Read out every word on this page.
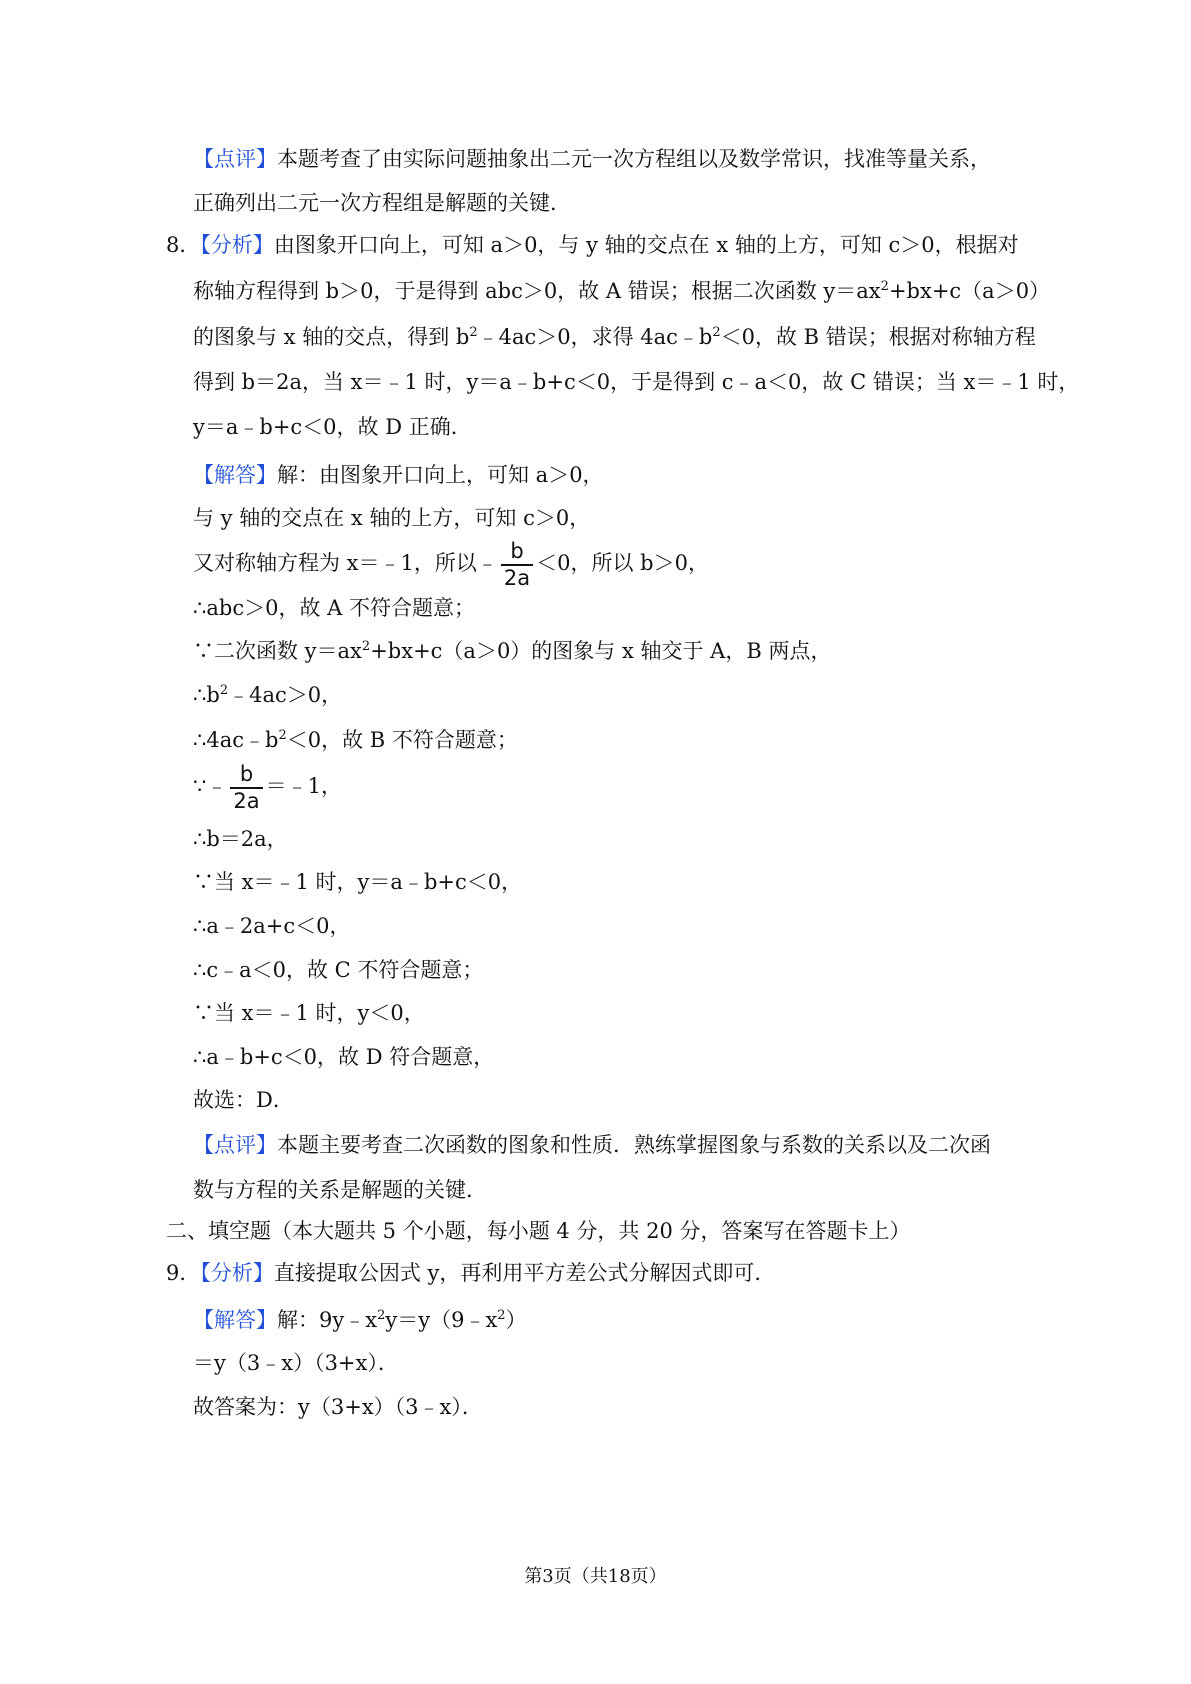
【点评】本题考查了由实际问题抽象出二元一次方程组以及数学常识，找准等量关系，
正确列出二元一次方程组是解题的关键．
8．【分析】由图象开口向上，可知 a＞0，与 y 轴的交点在 x 轴的上方，可知 c＞0，根据对
称轴方程得到 b＞0，于是得到 abc＞0，故 A 错误；根据二次函数 $y=ax^2+bx+c(a>0)$
的图象与 x 轴的交点，得到 $b^2﹣4ac>0$，求得 $4ac﹣b^2<0$，故 B 错误；根据对称轴方程
得到 b＝2a，当 x＝﹣1 时，y＝a﹣b+c＜0，于是得到 c﹣a＜0，故 C 错误；当 x＝﹣1 时，
y＝a﹣b+c＜0，故 D 正确．
【解答】解：由图象开口向上，可知 a＞0，
与 y 轴的交点在 x 轴的上方，可知 c＞0，
又对称轴方程为 x＝﹣1，所以﹣ $\frac{b}{2a} <0$，所以 b＞0，
∴abc＞0，故 A 不符合题意；
∵二次函数 $y=ax^2+bx+c(a>0)$的图象与 x 轴交于 A，B 两点，
$\therefore b^2﹣4ac>0$，
$\therefore 4ac﹣b^2<0$，故 B 不符合题意；
∵﹣ $\frac{b}{2a}$ ＝﹣1，
∴b＝2a，
∵当 x＝﹣1 时，y＝a﹣b+c＜0，
∴a﹣2a+c＜0，
∴c﹣a＜0，故 C 不符合题意；
∵当 x＝﹣1 时，y＜0，
∴a﹣b+c＜0，故 D 符合题意，
故选：D．
【点评】本题主要考查二次函数的图象和性质．熟练掌握图象与系数的关系以及二次函
数与方程的关系是解题的关键．
二、填空题（本大题共 5 个小题，每小题 4 分，共 20 分，答案写在答题卡上）
9．【分析】直接提取公因式 y，再利用平方差公式分解因式即可．
【解答】解：$9y﹣x^2y=y(9﹣x^2)$
＝y（3﹣x）（3+x）．
故答案为：y（3+x）（3﹣x）．
第3页（共18页）
